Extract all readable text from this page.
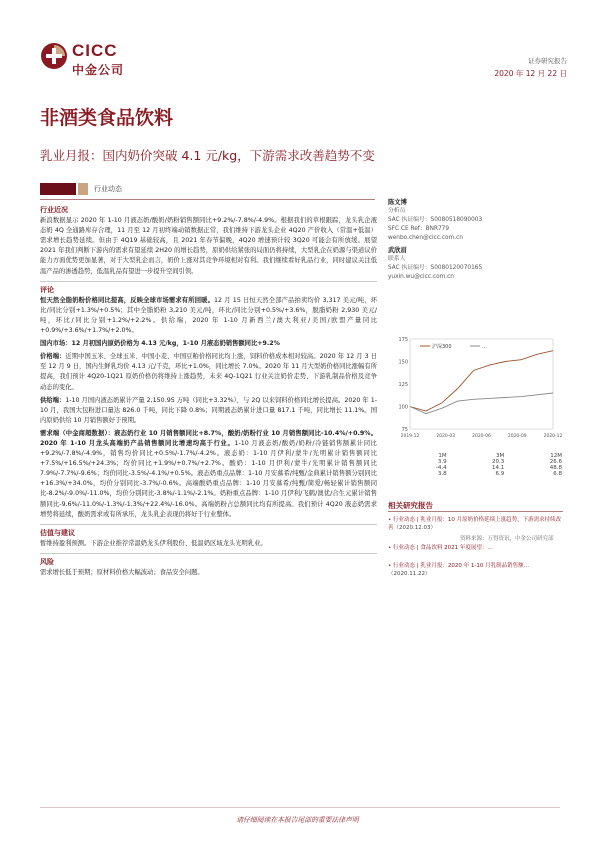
CICC
中金公司
证券研究报告
2020 年 12 月 22 日
非酒类食品饮料
乳业月报：国内奶价突破 4.1 元/kg，下游需求改善趋势不变
行业动态
行业近况
新浪数据显示 2020 年 1-10 月液态奶/酸奶/奶粉销售额同比+9.2%/-7.8%/-4.9%。根据我们的草根跟踪，龙头乳企液态奶 4Q 全通路库存合理，11 月至 12 月初终端动销数据正常，我们维持下游龙头企业 4Q20 产价收入（常温+低温）需求增长趋势延续。但由于 4Q19 基础较高，且 2021 年春节偏晚，4Q20 增速预计较 3Q20 可能会有所放缓。展望 2021 年我们判断下游内的需求有望延续 2H20 的增长趋势，原奶供给紧张的局面仍将持续，大型乳企在奶源与渠道议价能力方面优势更加显著，对于大型乳企而言，奶价上涨对其竞争环境相对有利。我们继续看好乳品行业，同时建议关注低温产品的渗透趋势，低温乳品有望进一步提升空间引领。
评论
恒天然全脂奶粉价格同比提高，反映全球市场需求有所回暖。12 月 15 日恒天然全部产品拍卖均价 3,317 美元/吨，环比/同比分别+1.3%/+0.5%；其中全脂奶粉 3,210 美元/吨，环比/同比分别+0.5%/+3.6%，脱脂奶粉 2,930 美元/吨，环比/同比分别+1.2%/+2.2%。供给端，2020 年 1-10 月新西兰/澳大利亚/美国/欧盟产量同比+0.9%/+3.6%/+1.7%/+2.0%。
国内市场：12 月初国内原奶价格为 4.13 元/kg，1-10 月液态奶销售额同比+9.2%
价格端：近期中国玉米、全球玉米、中国小麦、中国豆粕价格同比均上涨，饲料价格成本相对较高。2020 年 12 月 3 日至 12 月 9 日，国内生鲜乳均价 4.13 元/千克，环比+1.0%，同比增长 7.0%。2020 年 11 月大型奶价格同比涨幅有所提高，我们预计 4Q20-1Q21 原奶价格仍将维持上涨趋势，未来 4Q-1Q21 行业关注奶价走势，下游乳制品价格及竞争动态的变化。
供给端：1-10 月国内液态奶累计产量 2,150.95 万吨（同比+3.32%），与 2Q 以来饲料价格同比增长提高。2020 年 1-10 月，我国大包粉进口量达 826.0 千吨，同比下降 0.8%；同期液态奶累计进口量 817.1 千吨，同比增长 11.1%。国内原奶供给 10 月销售额好于预期。
需求端（中金商超数据）：液态奶行业 10 月销售额同比+8.7%，酸奶/奶粉行业 10 月销售额同比-10.4%/+0.9%。2020 年 1-10 月龙头高端奶产品销售额同比增速均高于行业。1-10 月液态奶/酸奶/奶粉/冷链销售额累计同比+9.2%/-7.8%/-4.9%，销售均价同比+0.5%/-1.7%/-4.2%。液态奶：1-10 月伊利/蒙牛/光明累计销售额同比+7.5%/+16.5%/+24.3%；均价同比+1.9%/+0.7%/+2.7%。酸奶：1-10 月伊利/蒙牛/光明累计销售额同比 7.9%/-7.7%/-9.6%；均价同比-3.5%/-4.1%/+0.5%。液态奶重点品牌：1-10 月安慕希/纯甄/金典累计销售额分别同比+16.3%/+34.0%，均价分别同比-3.7%/-0.6%。高端酸奶重点品牌：1-10 月安慕希/纯甄/简爱/畅轻累计销售额同比-8.2%/-9.0%/-11.0%，均价分别同比-3.8%/-1.1%/-2.1%。奶粉重点品牌：1-10 月伊利/飞鹤/澳优/合生元累计销售额同比-9.6%/-11.0%/-1.3%/-1.3%/+22.4%/-16.0%。高端奶粉占总额同比均有所提高。我们预计 4Q20 液态奶需求增势将延续，酸奶需求或有所承压，龙头乳企表现仍将好于行业整体。
估值与建议
暂维持盈利预测。下游企业推荐常温奶龙头伊利股份、低温奶区域龙头光明乳业。
风险
需求增长低于预期；原材料价格大幅波动；食品安全问题。
陈文博
分析员
SAC 执证编号：S0080518090003
SFC CE Ref：BNR779
wenbo.chen@cicc.com.cn
武欣眉
联系人
SAC 执证编号：S0080120070165
yuxin.wu@cicc.com.cn
75
100
125
150
175
2019-12	2020-03	2020-06	2020-09	2020-12
沪深300	...
	1M	3M	12M
	3.9	20.3	26.6
	-4.4	14.1	48.8
	3.8	6.9	6.8
相关研究报告
• 行业动态 | 乳业月报：10 月原奶价格延续上涨趋势，下游需求持续改善（2020.12.03）
资料来源：万得资讯，中金公司研究部
• 行业动态 | 食品饮料 2021 年度展望：…
• 行业动态 | 乳业月报：2020 年 1-10 月乳制品销售额…（2020.11.22）
请仔细阅读在本报告尾部的重要法律声明
